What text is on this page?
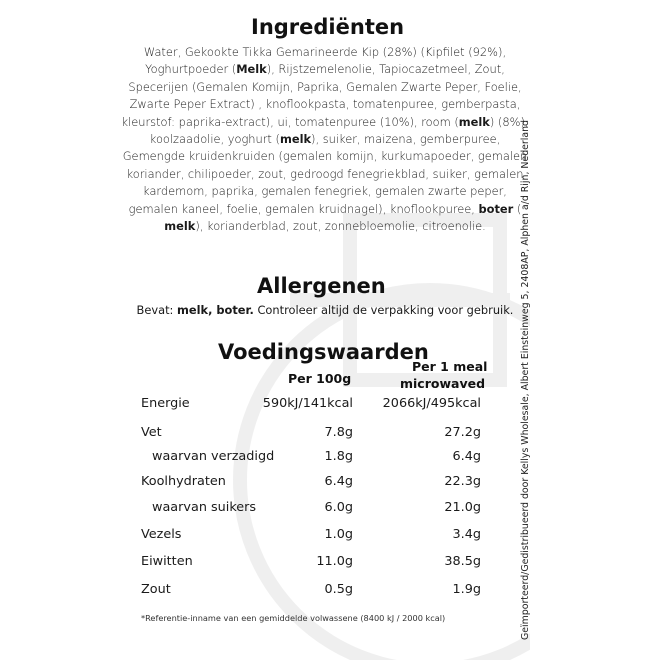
Ingrediënten

Water, Gekookte Tikka Gemarineerde Kip (28%) (Kipfilet (92%), Yoghurtpoeder (Melk), Rijstzemelenolie, Tapiocazetmeel, Zout, Specerijen (Gemalen Komijn, Paprika, Gemalen Zwarte Peper, Foelie, Zwarte Peper Extract) , knoflookpasta, tomatenpuree, gemberpasta, kleurstof: paprika-extract), ui, tomatenpuree (10%), room (melk) (8%), koolzaadolie, yoghurt (melk), suiker, maizena, gemberpuree, Gemengde kruidenkruiden (gemalen komijn, kurkumapoeder, gemalen koriander, chilipoeder, zout, gedroogd fenegriekblad, suiker, gemalen kardemom, paprika, gemalen fenegriek, gemalen zwarte peper, gemalen kaneel, foelie, gemalen kruidnagel), knoflookpuree, boter ( melk), korianderblad, zout, zonnebloemolie, citroenolie.

Allergenen

Bevat: melk, boter. Controleer altijd de verpakking voor gebruik.

Voedingswaarden
Per 100g
Per 1 meal
microwaved
Energie	590kJ/141kcal 2066kJ/495kcal
Vet	7.8g	27.2g
waarvan verzadigd	1.8g	6.4g
Koolhydraten	6.4g	22.3g
waarvan suikers	6.0g	21.0g
Vezels	1.0g	3.4g
Eiwitten	11.0g	38.5g
Zout	0.5g	1.9g
*Referentie-inname van een gemiddelde volwassene (8400 kJ / 2000 kcal)	Geïmporteerd/Gedistribueerd door Kellys Wholesale, Albert Einsteinweg 5, 2408AP, Alphen a/d Rijn, Nederland
